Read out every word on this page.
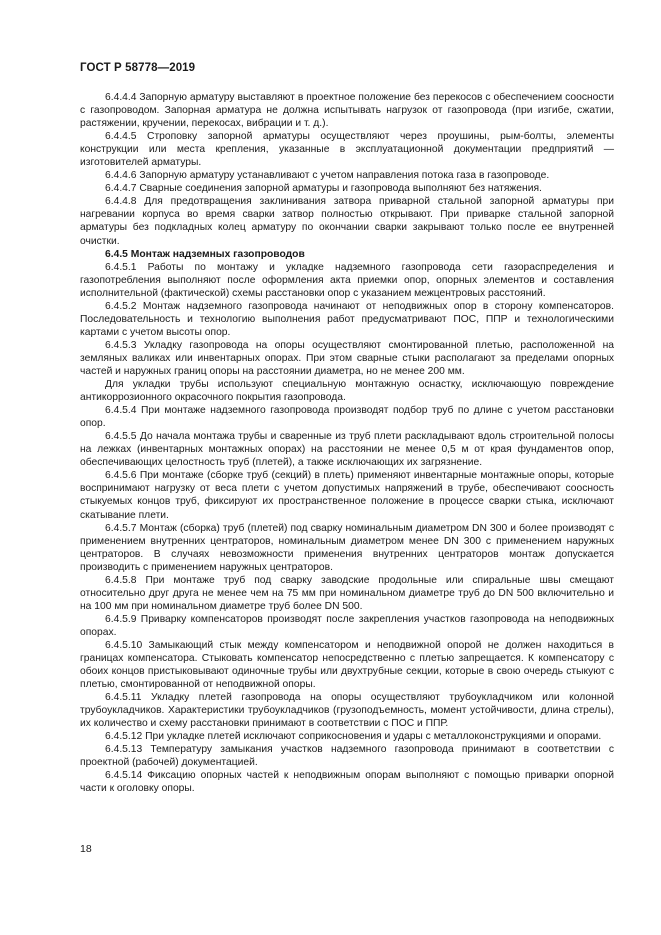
ГОСТ Р 58778—2019

6.4.4.4 Запорную арматуру выставляют в проектное положение без перекосов с обеспечением соосности с газопроводом. Запорная арматура не должна испытывать нагрузок от газопровода (при изгибе, сжатии, растяжении, кручении, перекосах, вибрации и т. д.).

6.4.4.5 Строповку запорной арматуры осуществляют через проушины, рым-болты, элементы конструкции или места крепления, указанные в эксплуатационной документации предприятий — изготовителей арматуры.

6.4.4.6 Запорную арматуру устанавливают с учетом направления потока газа в газопроводе.

6.4.4.7 Сварные соединения запорной арматуры и газопровода выполняют без натяжения.

6.4.4.8 Для предотвращения заклинивания затвора приварной стальной запорной арматуры при нагревании корпуса во время сварки затвор полностью открывают. При приварке стальной запорной арматуры без подкладных колец арматуру по окончании сварки закрывают только после ее внутренней очистки.

6.4.5 Монтаж надземных газопроводов

6.4.5.1 Работы по монтажу и укладке надземного газопровода сети газораспределения и газопотребления выполняют после оформления акта приемки опор, опорных элементов и составления исполнительной (фактической) схемы расстановки опор с указанием межцентровых расстояний.

6.4.5.2 Монтаж надземного газопровода начинают от неподвижных опор в сторону компенсаторов. Последовательность и технологию выполнения работ предусматривают ПОС, ППР и технологическими картами с учетом высоты опор.

6.4.5.3 Укладку газопровода на опоры осуществляют смонтированной плетью, расположенной на земляных валиках или инвентарных опорах. При этом сварные стыки располагают за пределами опорных частей и наружных границ опоры на расстоянии диаметра, но не менее 200 мм.

Для укладки трубы используют специальную монтажную оснастку, исключающую повреждение антикоррозионного окрасочного покрытия газопровода.

6.4.5.4 При монтаже надземного газопровода производят подбор труб по длине с учетом расстановки опор.

6.4.5.5 До начала монтажа трубы и сваренные из труб плети раскладывают вдоль строительной полосы на лежках (инвентарных монтажных опорах) на расстоянии не менее 0,5 м от края фундаментов опор, обеспечивающих целостность труб (плетей), а также исключающих их загрязнение.

6.4.5.6 При монтаже (сборке труб (секций) в плеть) применяют инвентарные монтажные опоры, которые воспринимают нагрузку от веса плети с учетом допустимых напряжений в трубе, обеспечивают соосность стыкуемых концов труб, фиксируют их пространственное положение в процессе сварки стыка, исключают скатывание плети.

6.4.5.7 Монтаж (сборка) труб (плетей) под сварку номинальным диаметром DN 300 и более производят с применением внутренних центраторов, номинальным диаметром менее DN 300 с применением наружных центраторов. В случаях невозможности применения внутренних центраторов монтаж допускается производить с применением наружных центраторов.

6.4.5.8 При монтаже труб под сварку заводские продольные или спиральные швы смещают относительно друг друга не менее чем на 75 мм при номинальном диаметре труб до DN 500 включительно и на 100 мм при номинальном диаметре труб более DN 500.

6.4.5.9 Приварку компенсаторов производят после закрепления участков газопровода на неподвижных опорах.

6.4.5.10 Замыкающий стык между компенсатором и неподвижной опорой не должен находиться в границах компенсатора. Стыковать компенсатор непосредственно с плетью запрещается. К компенсатору с обоих концов пристыковывают одиночные трубы или двухтрубные секции, которые в свою очередь стыкуют с плетью, смонтированной от неподвижной опоры.

6.4.5.11 Укладку плетей газопровода на опоры осуществляют трубоукладчиком или колонной трубоукладчиков. Характеристики трубоукладчиков (грузоподъемность, момент устойчивости, длина стрелы), их количество и схему расстановки принимают в соответствии с ПОС и ППР.

6.4.5.12 При укладке плетей исключают соприкосновения и удары с металлоконструкциями и опорами.

6.4.5.13 Температуру замыкания участков надземного газопровода принимают в соответствии с проектной (рабочей) документацией.

6.4.5.14 Фиксацию опорных частей к неподвижным опорам выполняют с помощью приварки опорной части к оголовку опоры.

18
